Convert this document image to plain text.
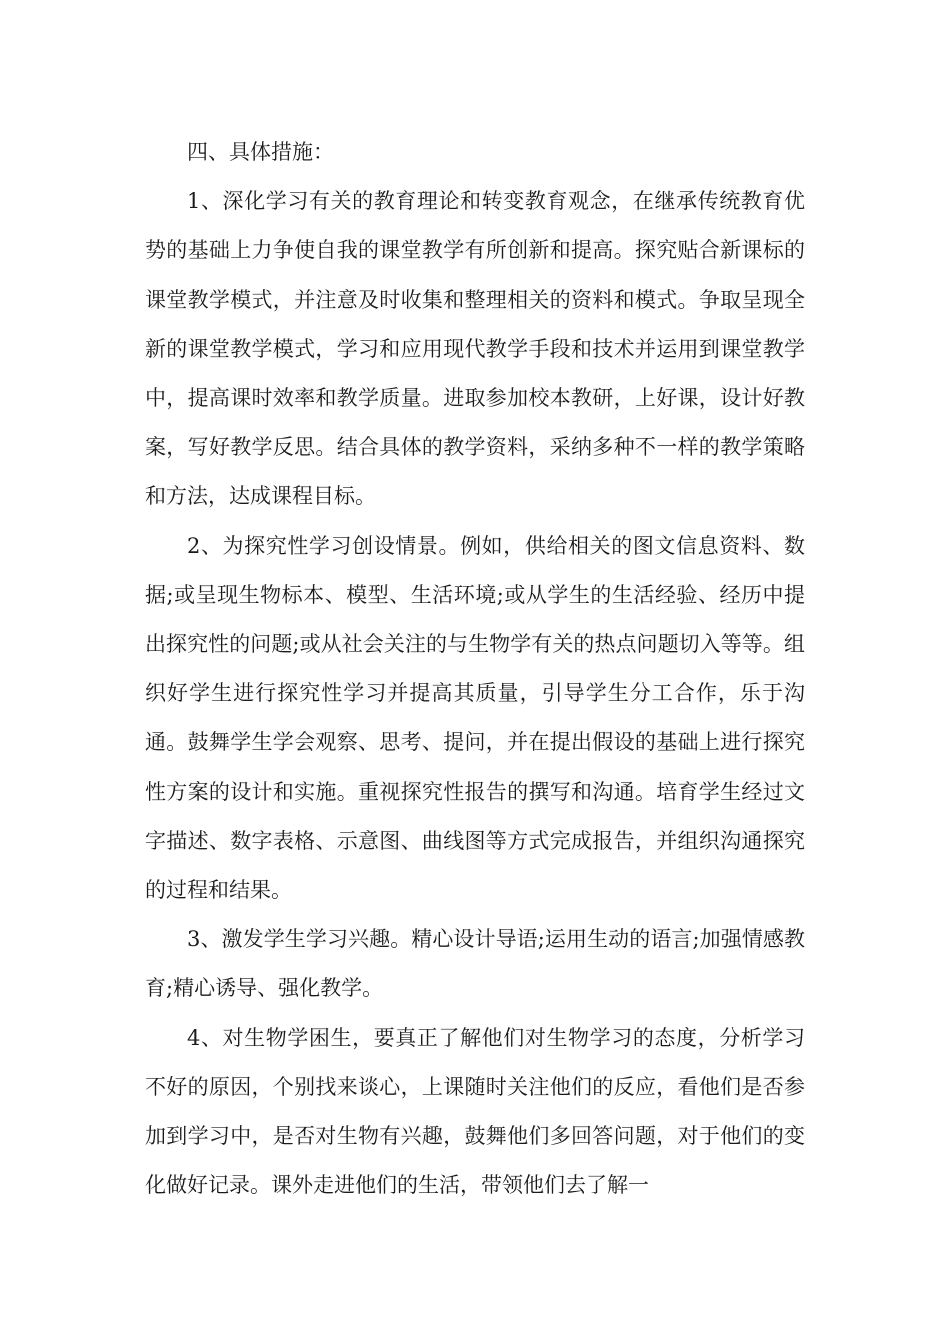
四、具体措施：

1、深化学习有关的教育理论和转变教育观念，在继承传统教育优势的基础上力争使自我的课堂教学有所创新和提高。探究贴合新课标的课堂教学模式，并注意及时收集和整理相关的资料和模式。争取呈现全新的课堂教学模式，学习和应用现代教学手段和技术并运用到课堂教学中，提高课时效率和教学质量。进取参加校本教研，上好课，设计好教案，写好教学反思。结合具体的教学资料，采纳多种不一样的教学策略和方法，达成课程目标。

2、为探究性学习创设情景。例如，供给相关的图文信息资料、数据;或呈现生物标本、模型、生活环境;或从学生的生活经验、经历中提出探究性的问题;或从社会关注的与生物学有关的热点问题切入等等。组织好学生进行探究性学习并提高其质量，引导学生分工合作，乐于沟通。鼓舞学生学会观察、思考、提问，并在提出假设的基础上进行探究性方案的设计和实施。重视探究性报告的撰写和沟通。培育学生经过文字描述、数字表格、示意图、曲线图等方式完成报告，并组织沟通探究的过程和结果。

3、激发学生学习兴趣。精心设计导语;运用生动的语言;加强情感教育;精心诱导、强化教学。

4、对生物学困生，要真正了解他们对生物学习的态度，分析学习不好的原因，个别找来谈心，上课随时关注他们的反应，看他们是否参加到学习中，是否对生物有兴趣，鼓舞他们多回答问题，对于他们的变化做好记录。课外走进他们的生活，带领他们去了解一
